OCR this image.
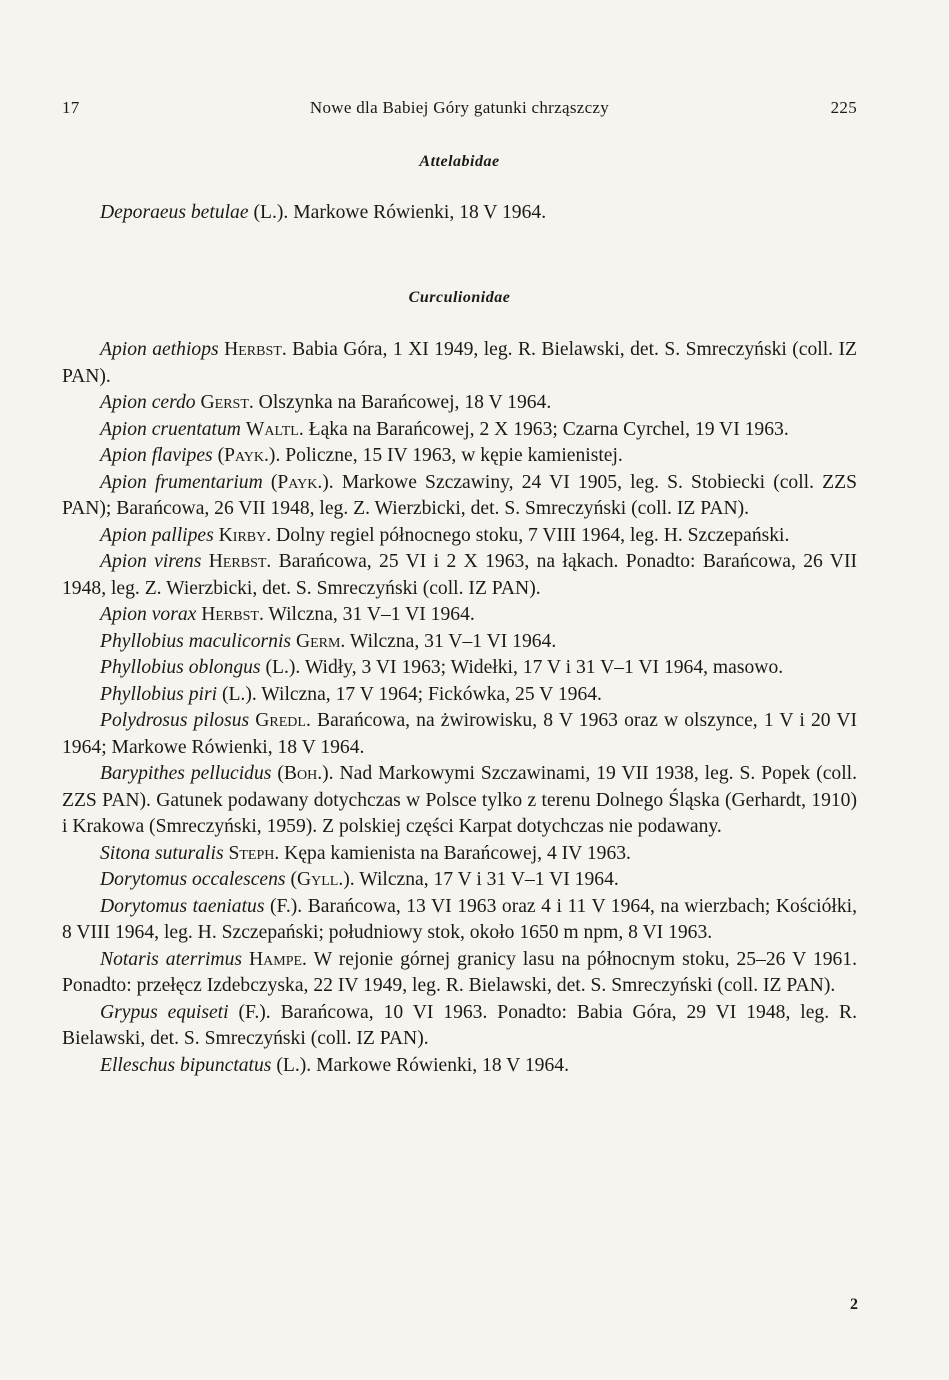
17	Nowe dla Babiej Góry gatunki chrząszczy	225
Attelabidae

Deporaeus betulae (L.). Markowe Rówienki, 18 V 1964.

Curculionidae

Apion aethiops Herbst. Babia Góra, 1 XI 1949, leg. R. Bielawski, det. S. Smreczyński (coll. IZ PAN).

Apion cerdo Gerst. Olszynka na Barańcowej, 18 V 1964.

Apion cruentatum Waltl. Łąka na Barańcowej, 2 X 1963; Czarna Cyrchel, 19 VI 1963.

Apion flavipes (Payk.). Policzne, 15 IV 1963, w kępie kamienistej.

Apion frumentarium (Payk.). Markowe Szczawiny, 24 VI 1905, leg. S. Stobiecki (coll. ZZS PAN); Barańcowa, 26 VII 1948, leg. Z. Wierzbicki, det. S. Smreczyński (coll. IZ PAN).

Apion pallipes Kirby. Dolny regiel północnego stoku, 7 VIII 1964, leg. H. Szczepański.

Apion virens Herbst. Barańcowa, 25 VI i 2 X 1963, na łąkach. Ponadto: Barańcowa, 26 VII 1948, leg. Z. Wierzbicki, det. S. Smreczyński (coll. IZ PAN).

Apion vorax Herbst. Wilczna, 31 V–1 VI 1964.

Phyllobius maculicornis Germ. Wilczna, 31 V–1 VI 1964.

Phyllobius oblongus (L.). Widły, 3 VI 1963; Widełki, 17 V i 31 V–1 VI 1964, masowo.

Phyllobius piri (L.). Wilczna, 17 V 1964; Fickówka, 25 V 1964.

Polydrosus pilosus Gredl. Barańcowa, na żwirowisku, 8 V 1963 oraz w olszynce, 1 V i 20 VI 1964; Markowe Rówienki, 18 V 1964.

Barypithes pellucidus (Boh.). Nad Markowymi Szczawinami, 19 VII 1938, leg. S. Popek (coll. ZZS PAN). Gatunek podawany dotychczas w Polsce tylko z terenu Dolnego Śląska (Gerhardt, 1910) i Krakowa (Smreczyński, 1959). Z polskiej części Karpat dotychczas nie podawany.

Sitona suturalis Steph. Kępa kamienista na Barańcowej, 4 IV 1963.

Dorytomus occalescens (Gyll.). Wilczna, 17 V i 31 V–1 VI 1964.

Dorytomus taeniatus (F.). Barańcowa, 13 VI 1963 oraz 4 i 11 V 1964, na wierzbach; Kościółki, 8 VIII 1964, leg. H. Szczepański; południowy stok, około 1650 m npm, 8 VI 1963.

Notaris aterrimus Hampe. W rejonie górnej granicy lasu na północnym stoku, 25–26 V 1961. Ponadto: przełęcz Izdebczyska, 22 IV 1949, leg. R. Bielawski, det. S. Smreczyński (coll. IZ PAN).

Grypus equiseti (F.). Barańcowa, 10 VI 1963. Ponadto: Babia Góra, 29 VI 1948, leg. R. Bielawski, det. S. Smreczyński (coll. IZ PAN).

Elleschus bipunctatus (L.). Markowe Rówienki, 18 V 1964.

2
